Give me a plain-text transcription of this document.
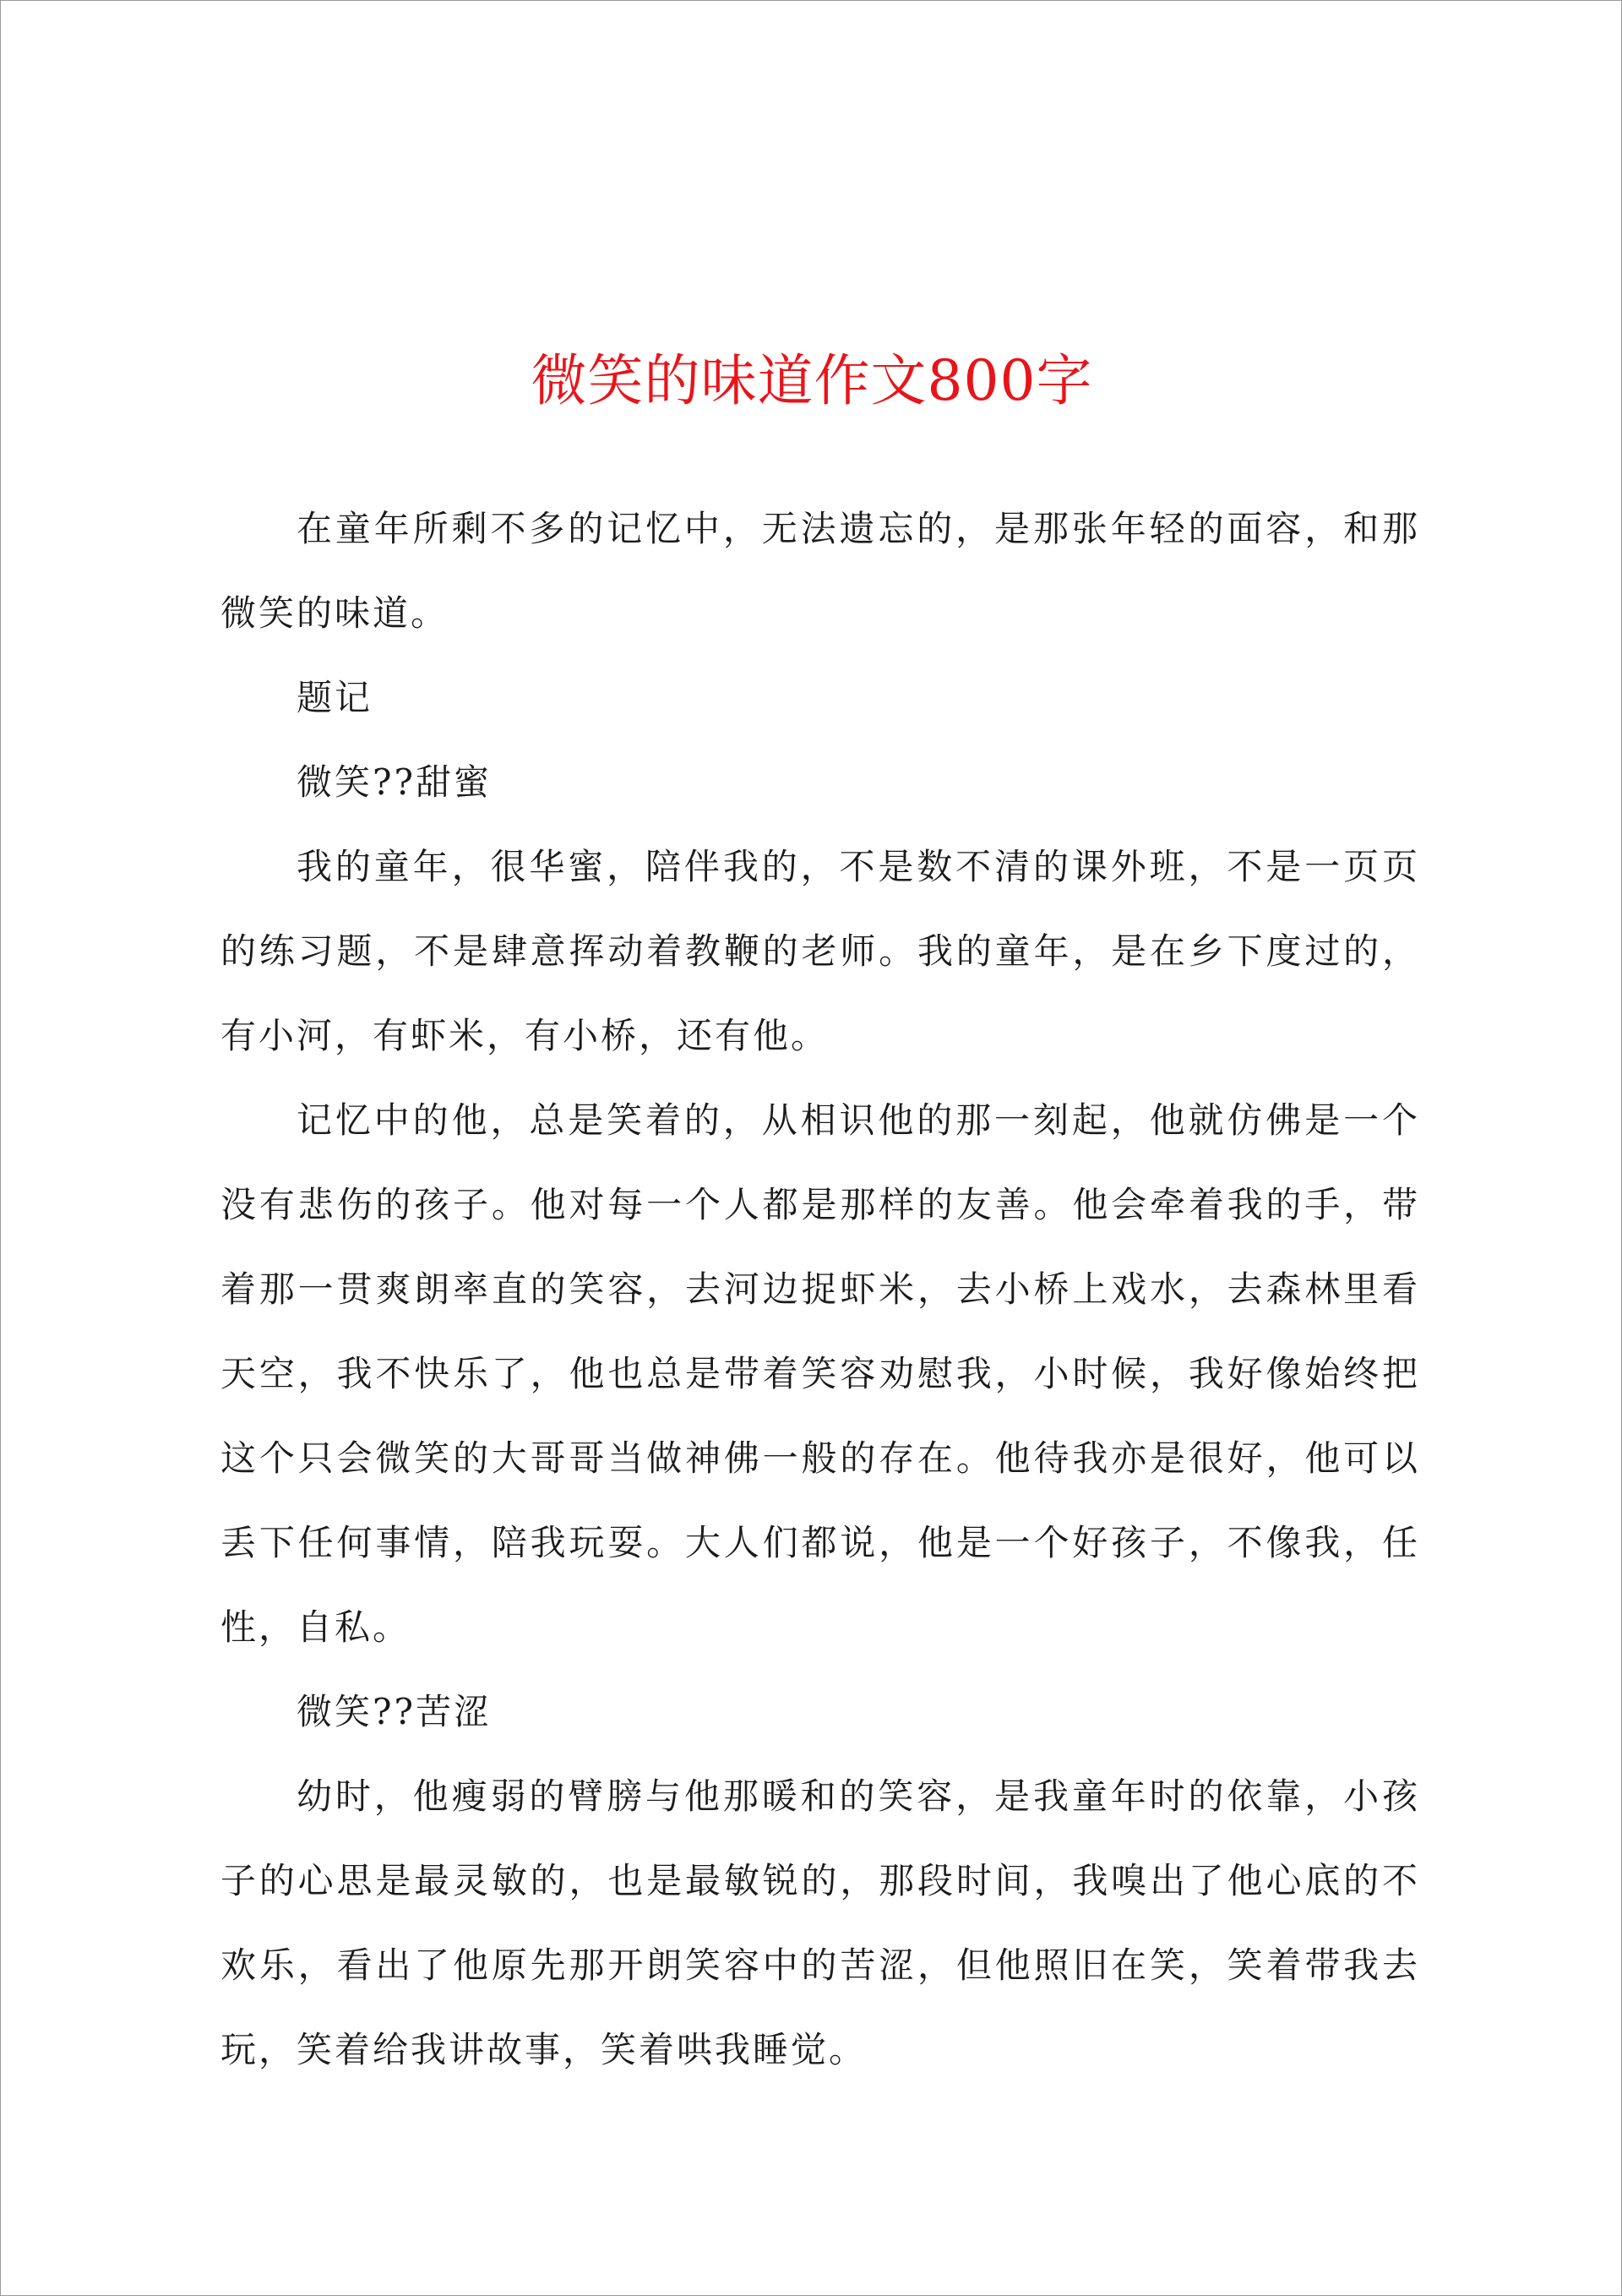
微笑的味道作文800字

在童年所剩不多的记忆中，无法遗忘的，是那张年轻的面容，和那微笑的味道。

题记

微笑??甜蜜

我的童年，很华蜜，陪伴我的，不是数不清的课外班，不是一页页的练习题，不是肆意挥动着教鞭的老师。我的童年，是在乡下度过的，有小河，有虾米，有小桥，还有他。

记忆中的他，总是笑着的，从相识他的那一刻起，他就仿佛是一个没有悲伤的孩子。他对每一个人都是那样的友善。他会牵着我的手，带着那一贯爽朗率直的笑容，去河边捉虾米，去小桥上戏水，去森林里看天空，我不快乐了，他也总是带着笑容劝慰我，小时候，我好像始终把这个只会微笑的大哥哥当做神佛一般的存在。他待我亦是很好，他可以丢下任何事情，陪我玩耍。大人们都说，他是一个好孩子，不像我，任性，自私。

微笑??苦涩

幼时，他瘦弱的臂膀与他那暖和的笑容，是我童年时的依靠，小孩子的心思是最灵敏的，也是最敏锐的，那段时间，我嗅出了他心底的不欢乐，看出了他原先那开朗笑容中的苦涩，但他照旧在笑，笑着带我去玩，笑着给我讲故事，笑着哄我睡觉。
